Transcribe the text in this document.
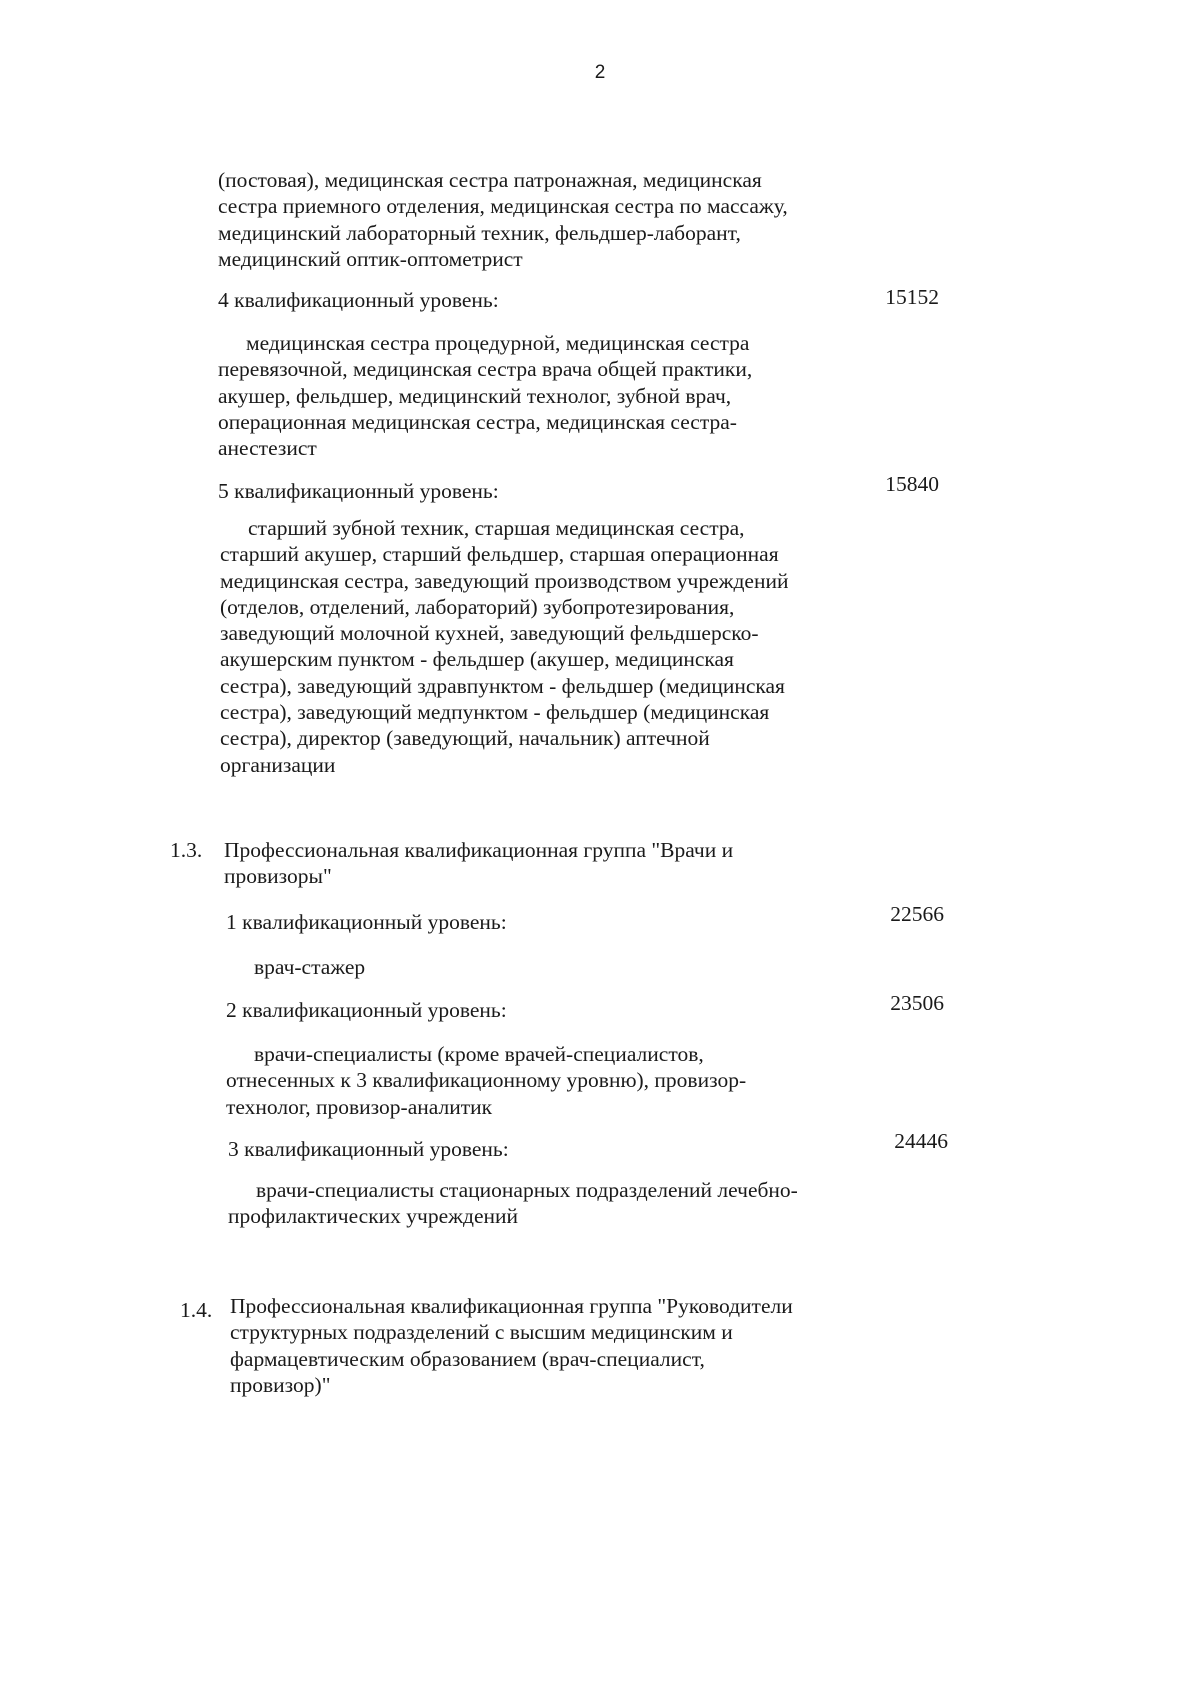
2

(постовая), медицинская сестра патронажная, медицинская
сестра приемного отделения, медицинская сестра по массажу,
медицинский лабораторный техник, фельдшер-лаборант,
медицинский оптик-оптометрист

4 квалификационный уровень:	15152

медицинская сестра процедурной, медицинская сестра
перевязочной, медицинская сестра врача общей практики,
акушер, фельдшер, медицинский технолог, зубной врач,
операционная медицинская сестра, медицинская сестра-
анестезист

5 квалификационный уровень:	15840

старший зубной техник, старшая медицинская сестра,
старший акушер, старший фельдшер, старшая операционная
медицинская сестра, заведующий производством учреждений
(отделов, отделений, лабораторий) зубопротезирования,
заведующий молочной кухней, заведующий фельдшерско-
акушерским пунктом - фельдшер (акушер, медицинская
сестра), заведующий здравпунктом - фельдшер (медицинская
сестра), заведующий медпунктом - фельдшер (медицинская
сестра), директор (заведующий, начальник) аптечной
организации

1.3. Профессиональная квалификационная группа "Врачи и
провизоры"

1 квалификационный уровень:	22566

врач-стажер

2 квалификационный уровень:	23506

врачи-специалисты (кроме врачей-специалистов,
отнесенных к 3 квалификационному уровню), провизор-
технолог, провизор-аналитик

3 квалификационный уровень:	24446

врачи-специалисты стационарных подразделений лечебно-
профилактических учреждений

1.4. Профессиональная квалификационная группа "Руководители
структурных подразделений с высшим медицинским и
фармацевтическим образованием (врач-специалист,
провизор)"
